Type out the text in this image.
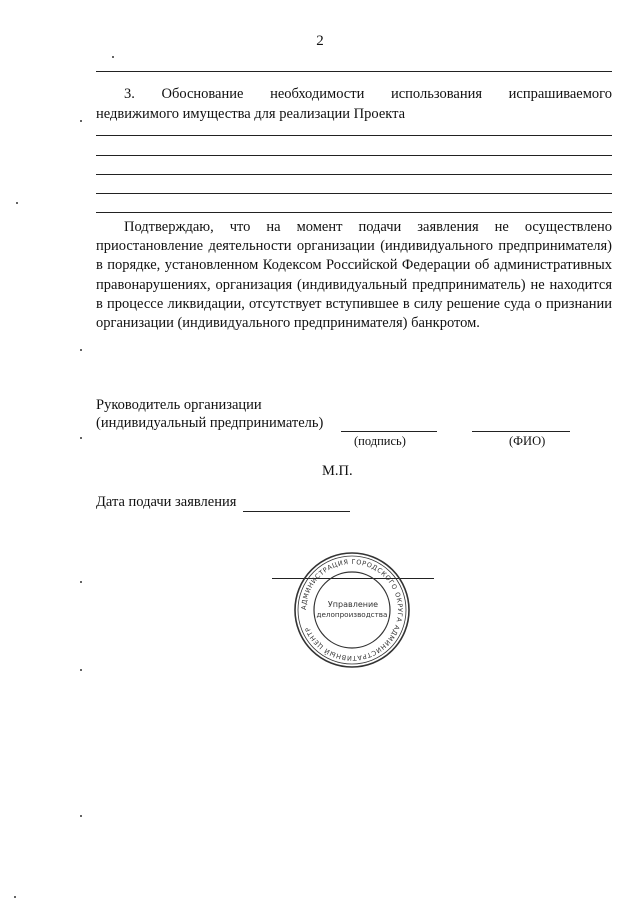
2
3. Обоснование необходимости использования испрашиваемого
недвижимого имущества для реализации Проекта
Подтверждаю, что на момент подачи заявления не осуществлено приостановление деятельности организации (индивидуального предпринимателя) в порядке, установленном Кодексом Российской Федерации об административных правонарушениях, организация (индивидуальный предприниматель) не находится в процессе ликвидации, отсутствует вступившее в силу решение суда о признании организации (индивидуального предпринимателя) банкротом.
Руководитель организации
(индивидуальный предприниматель)
(подпись)	(ФИО)
М.П.
Дата подачи заявления
АДМИНИСТРАЦИЯ ГОРОДСКОГО ОКРУГА АДМИНИСТРАТИВНЫЙ ЦЕНТР
Управление
делопроизводства
